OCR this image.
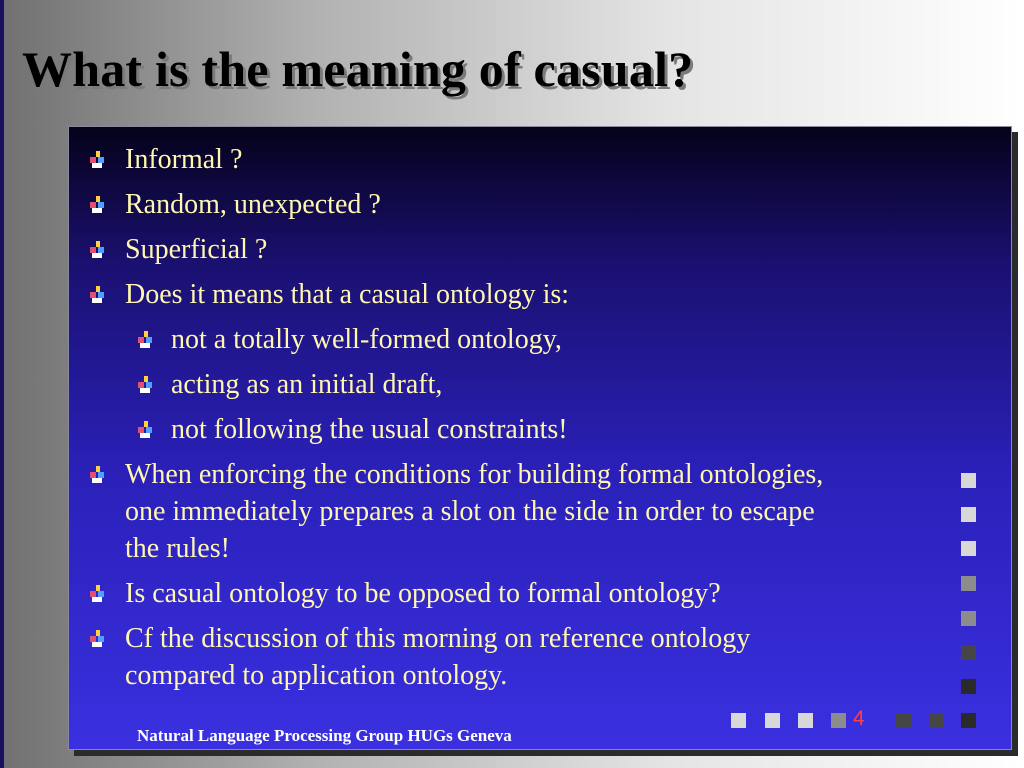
What is the meaning of casual?
Informal ?
Random, unexpected ?
Superficial ?
Does it means that a casual ontology is:
not a totally well-formed ontology,
acting as an initial draft,
not following the usual constraints!
When enforcing the conditions for building formal ontologies,
one immediately prepares a slot on the side in order to escape
the rules!
Is casual ontology to be opposed to formal ontology?
Cf the discussion of this morning on reference ontology
compared to application ontology.
4
Natural Language Processing Group HUGs Geneva
